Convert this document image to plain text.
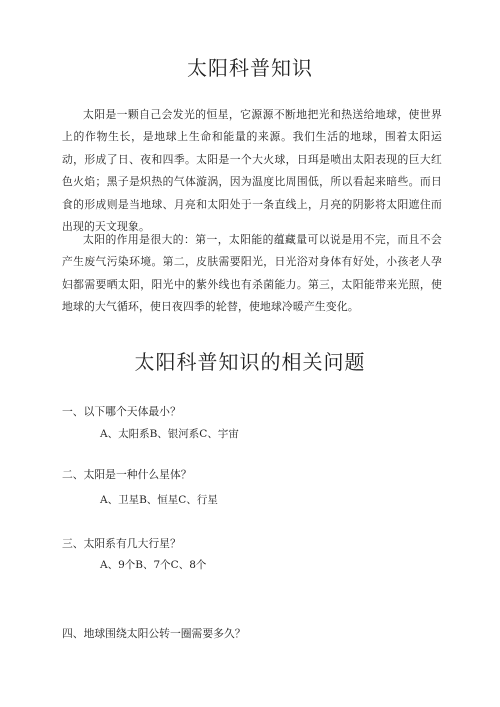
太阳科普知识

太阳是一颗自己会发光的恒星，它源源不断地把光和热送给地球，使世界上的作物生长，是地球上生命和能量的来源。我们生活的地球，围着太阳运动，形成了日、夜和四季。太阳是一个大火球，日珥是喷出太阳表现的巨大红色火焰；黑子是炽热的气体漩涡，因为温度比周围低，所以看起来暗些。而日食的形成则是当地球、月亮和太阳处于一条直线上，月亮的阴影将太阳遮住而出现的天文现象。

太阳的作用是很大的：第一，太阳能的蕴藏量可以说是用不完，而且不会产生废气污染环境。第二，皮肤需要阳光，日光浴对身体有好处，小孩老人孕妇都需要晒太阳，阳光中的紫外线也有杀菌能力。第三，太阳能带来光照，使地球的大气循环，使日夜四季的轮替，使地球冷暖产生变化。

太阳科普知识的相关问题

一、以下哪个天体最小？

A、太阳系B、银河系C、宇宙

二、太阳是一种什么星体？

A、卫星B、恒星C、行星

三、太阳系有几大行星？

A、9个B、7个C、8个

四、地球围绕太阳公转一圈需要多久？
